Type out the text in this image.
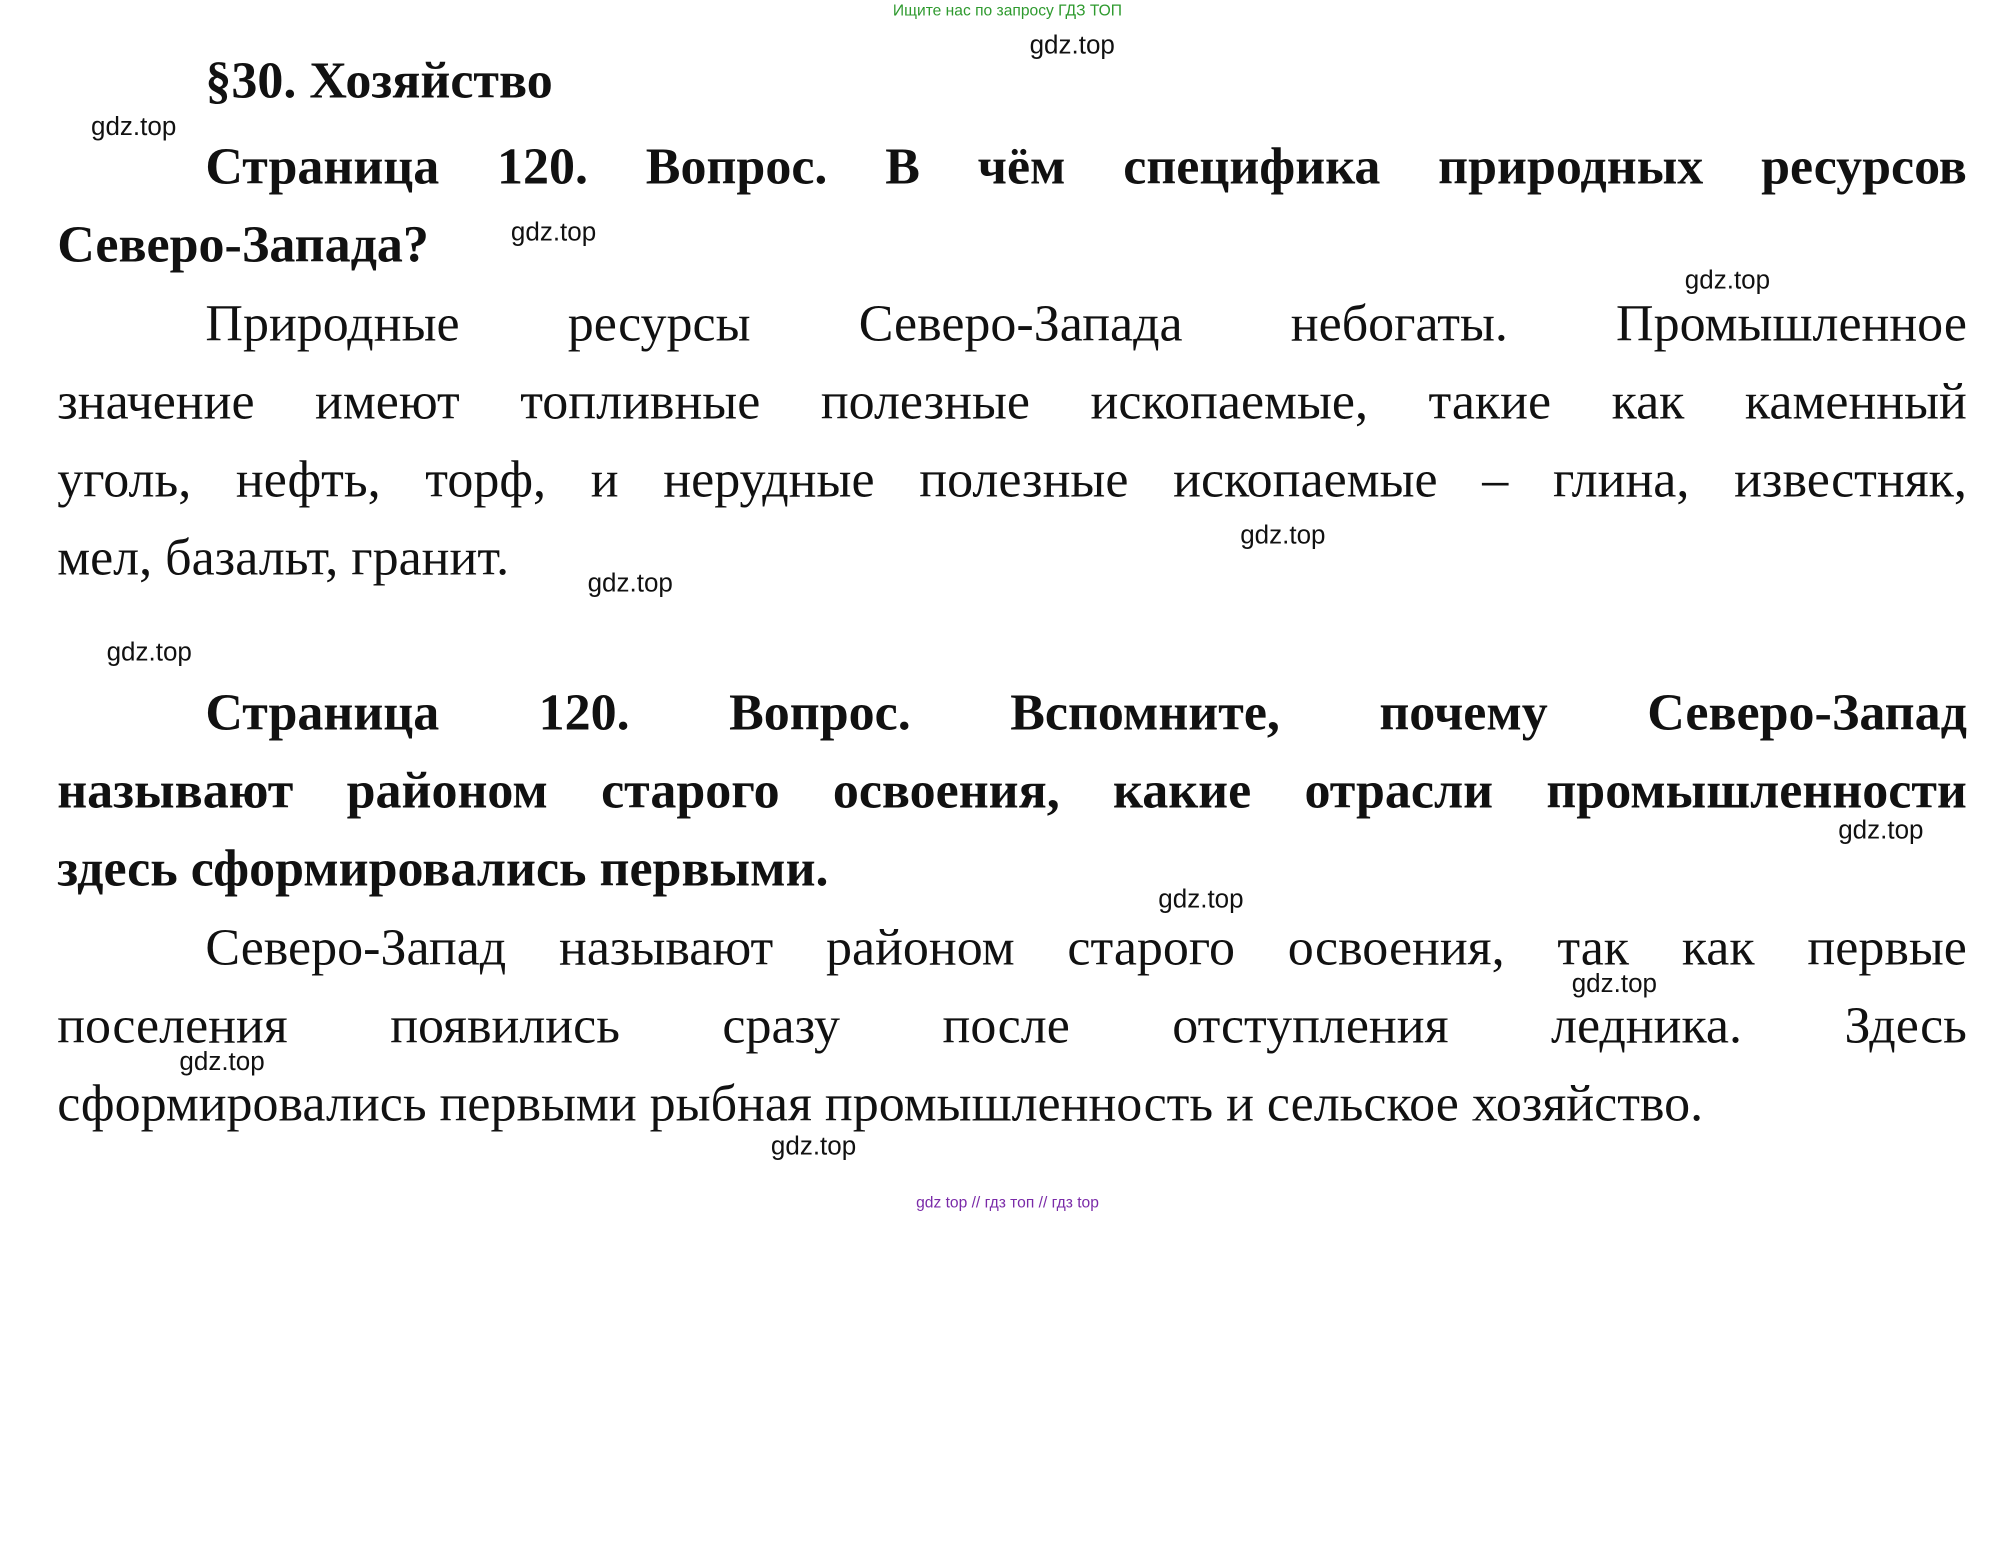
Ищите нас по запросу ГДЗ ТОП
§30. Хозяйство
Страница 120. Вопрос. В чём специфика природных ресурсов
Северо-Запада?
Природные ресурсы Северо-Запада небогаты. Промышленное
значение имеют топливные полезные ископаемые, такие как каменный
уголь, нефть, торф, и нерудные полезные ископаемые – глина, известняк,
мел, базальт, гранит.
Страница 120. Вопрос. Вспомните, почему Северо-Запад
называют районом старого освоения, какие отрасли промышленности
здесь сформировались первыми.
Северо-Запад называют районом старого освоения, так как первые
поселения появились сразу после отступления ледника. Здесь
сформировались первыми рыбная промышленность и сельское хозяйство.
gdz.top
gdz.top
gdz.top
gdz.top
gdz.top
gdz.top
gdz.top
gdz.top
gdz.top
gdz.top
gdz.top
gdz.top
gdz top // гдз топ // гдз top
